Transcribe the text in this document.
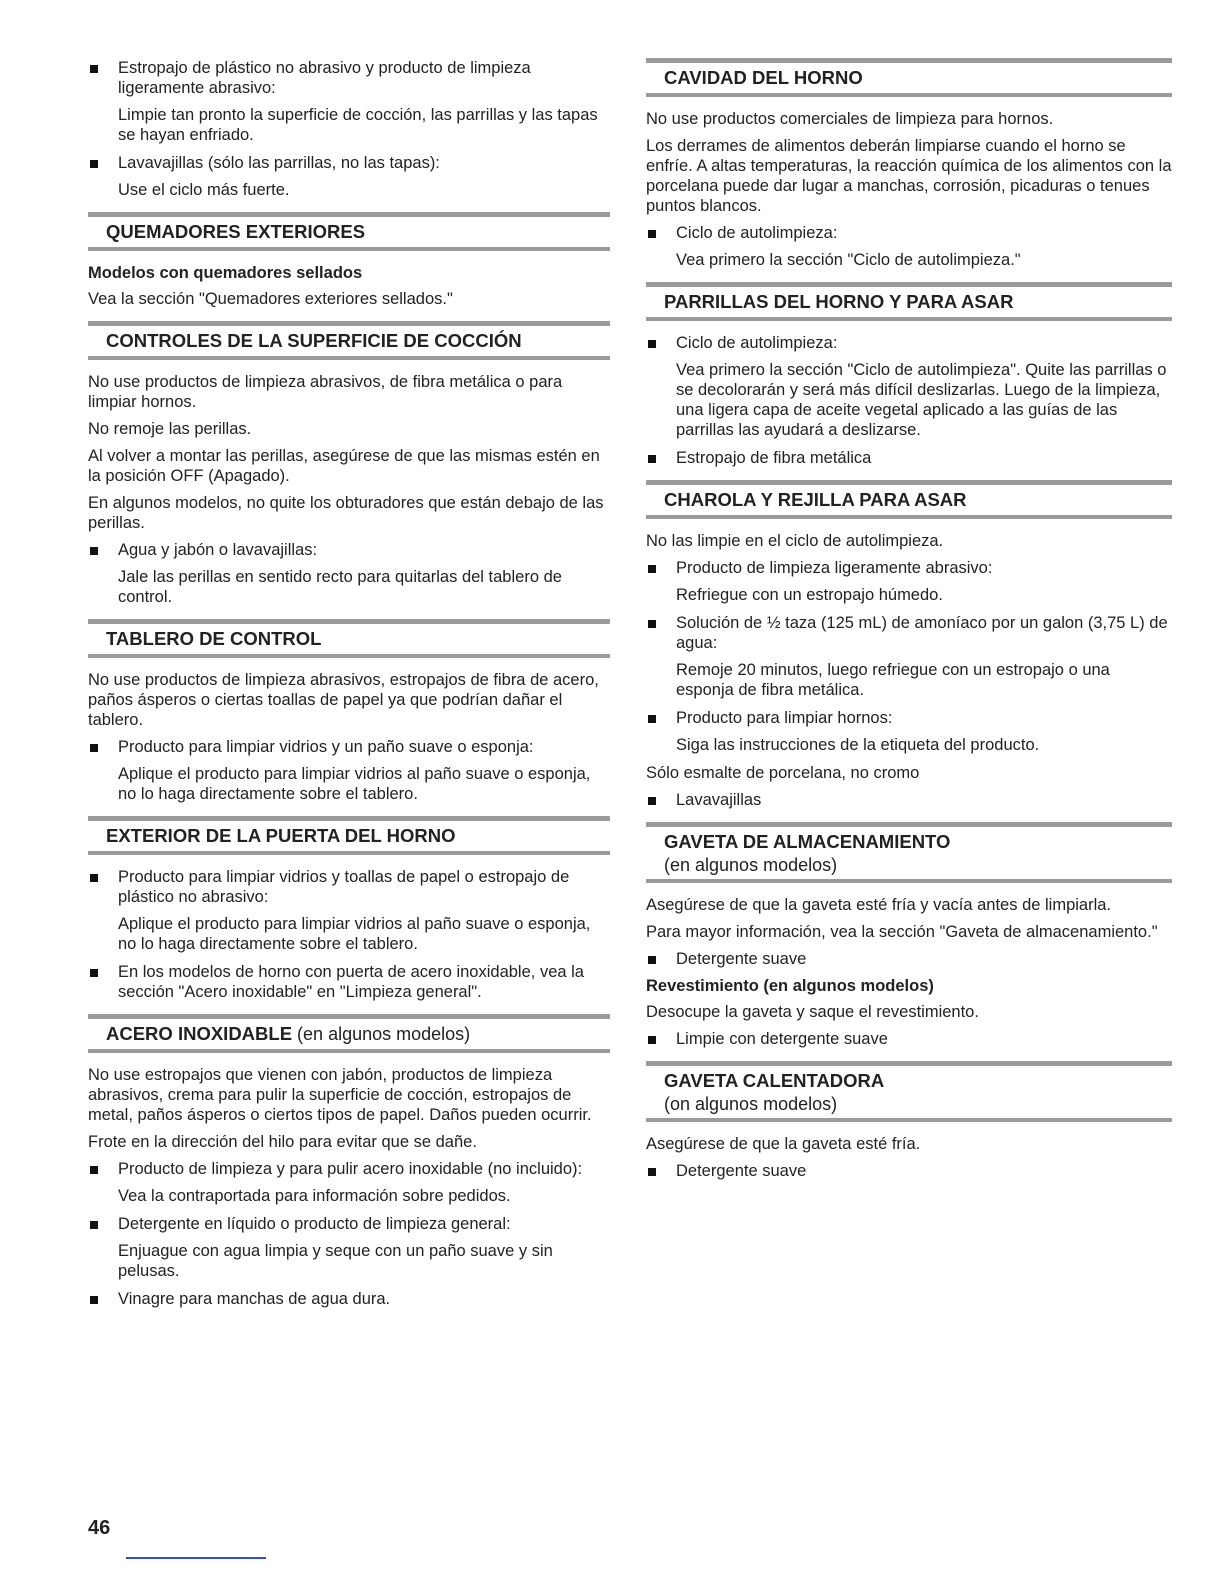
Estropajo de plástico no abrasivo y producto de limpieza ligeramente abrasivo:
Limpie tan pronto la superficie de cocción, las parrillas y las tapas se hayan enfriado.
Lavavajillas (sólo las parrillas, no las tapas):
Use el ciclo más fuerte.
QUEMADORES EXTERIORES
Modelos con quemadores sellados

Vea la sección "Quemadores exteriores sellados."

CONTROLES DE LA SUPERFICIE DE COCCIÓN

No use productos de limpieza abrasivos, de fibra metálica o para limpiar hornos.

No remoje las perillas.

Al volver a montar las perillas, asegúrese de que las mismas estén en la posición OFF (Apagado).

En algunos modelos, no quite los obturadores que están debajo de las perillas.

Agua y jabón o lavavajillas:
Jale las perillas en sentido recto para quitarlas del tablero de control.
TABLERO DE CONTROL

No use productos de limpieza abrasivos, estropajos de fibra de acero, paños ásperos o ciertas toallas de papel ya que podrían dañar el tablero.

Producto para limpiar vidrios y un paño suave o esponja:
Aplique el producto para limpiar vidrios al paño suave o esponja, no lo haga directamente sobre el tablero.
EXTERIOR DE LA PUERTA DEL HORNO
Producto para limpiar vidrios y toallas de papel o estropajo de plástico no abrasivo:
Aplique el producto para limpiar vidrios al paño suave o esponja, no lo haga directamente sobre el tablero.
En los modelos de horno con puerta de acero inoxidable, vea la sección "Acero inoxidable" en "Limpieza general".
ACERO INOXIDABLE (en algunos modelos)

No use estropajos que vienen con jabón, productos de limpieza abrasivos, crema para pulir la superficie de cocción, estropajos de metal, paños ásperos o ciertos tipos de papel. Daños pueden ocurrir.

Frote en la dirección del hilo para evitar que se dañe.

Producto de limpieza y para pulir acero inoxidable (no incluido):
Vea la contraportada para información sobre pedidos.
Detergente en líquido o producto de limpieza general:
Enjuague con agua limpia y seque con un paño suave y sin pelusas.
Vinagre para manchas de agua dura.
CAVIDAD DEL HORNO

No use productos comerciales de limpieza para hornos.

Los derrames de alimentos deberán limpiarse cuando el horno se enfríe. A altas temperaturas, la reacción química de los alimentos con la porcelana puede dar lugar a manchas, corrosión, picaduras o tenues puntos blancos.

Ciclo de autolimpieza:
Vea primero la sección "Ciclo de autolimpieza."
PARRILLAS DEL HORNO Y PARA ASAR
Ciclo de autolimpieza:
Vea primero la sección "Ciclo de autolimpieza". Quite las parrillas o se decolorarán y será más difícil deslizarlas. Luego de la limpieza, una ligera capa de aceite vegetal aplicado a las guías de las parrillas las ayudará a deslizarse.
Estropajo de fibra metálica
CHAROLA Y REJILLA PARA ASAR

No las limpie en el ciclo de autolimpieza.

Producto de limpieza ligeramente abrasivo:
Refriegue con un estropajo húmedo.
Solución de ½ taza (125 mL) de amoníaco por un galon (3,75 L) de agua:
Remoje 20 minutos, luego refriegue con un estropajo o una esponja de fibra metálica.
Producto para limpiar hornos:
Siga las instrucciones de la etiqueta del producto.

Sólo esmalte de porcelana, no cromo

Lavavajillas
GAVETA DE ALMACENAMIENTO
(en algunos modelos)

Asegúrese de que la gaveta esté fría y vacía antes de limpiarla.

Para mayor información, vea la sección "Gaveta de almacenamiento."

Detergente suave
Revestimiento (en algunos modelos)

Desocupe la gaveta y saque el revestimiento.

Limpie con detergente suave
GAVETA CALENTADORA
(on algunos modelos)

Asegúrese de que la gaveta esté fría.

Detergente suave
46
